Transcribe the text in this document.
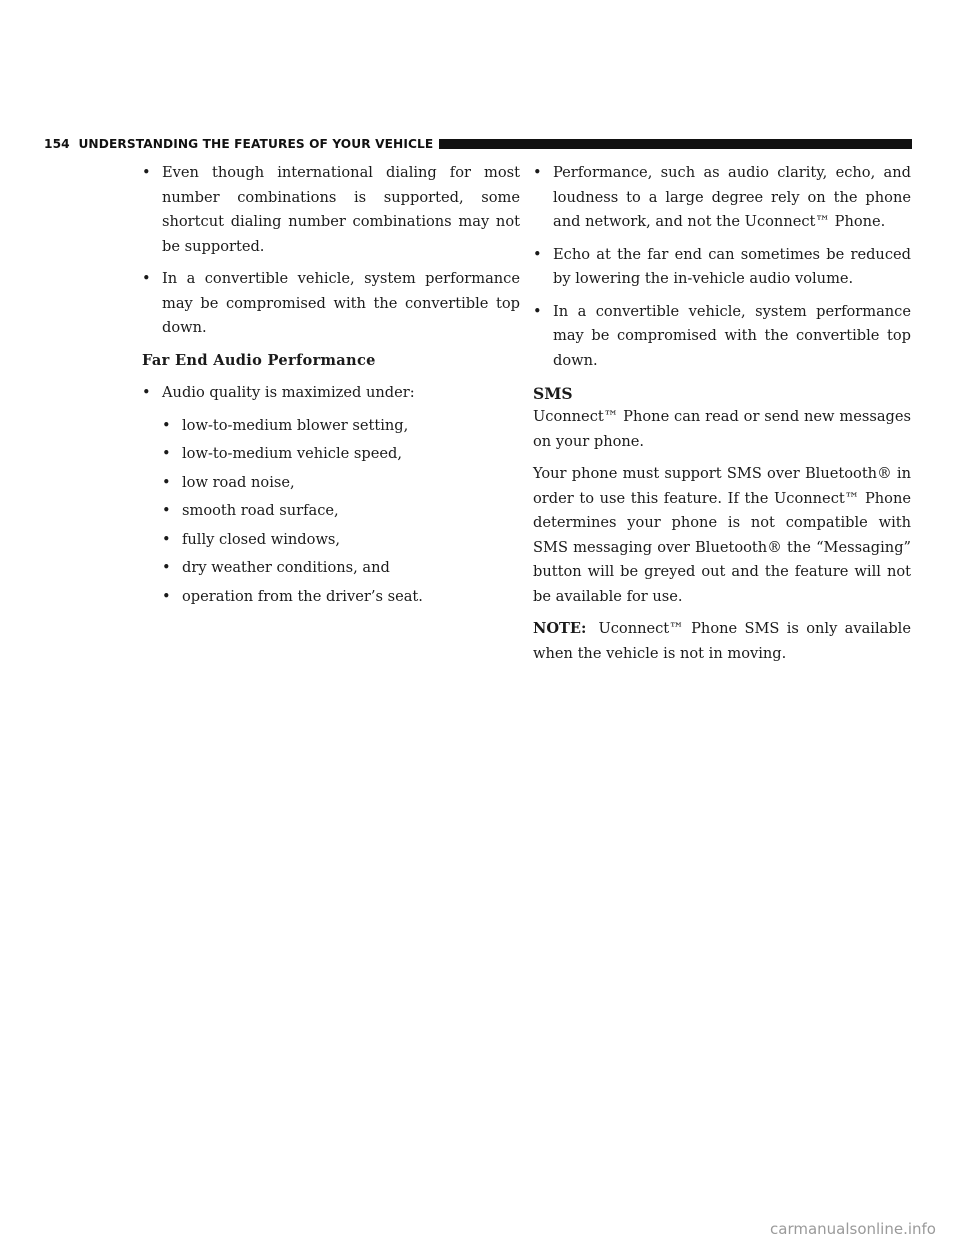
154 UNDERSTANDING THE FEATURES OF YOUR VEHICLE
• Even though international dialing for most number combinations is supported, some shortcut dialing number combinations may not be supported.
• In a convertible vehicle, system performance may be compromised with the convertible top down.
Far End Audio Performance
• Audio quality is maximized under:
• low-to-medium blower setting,
• low-to-medium vehicle speed,
• low road noise,
• smooth road surface,
• fully closed windows,
• dry weather conditions, and
• operation from the driver’s seat.
• Performance, such as audio clarity, echo, and loudness to a large degree rely on the phone and network, and not the Uconnect™ Phone.
• Echo at the far end can sometimes be reduced by lowering the in-vehicle audio volume.
• In a convertible vehicle, system performance may be compromised with the convertible top down.
SMS
Uconnect™ Phone can read or send new messages on your phone.
Your phone must support SMS over Bluetooth® in order to use this feature. If the Uconnect™ Phone determines your phone is not compatible with SMS messaging over Bluetooth® the “Messaging” button will be greyed out and the feature will not be available for use.
NOTE: Uconnect™ Phone SMS is only available when the vehicle is not in moving.
carmanualsonline.info
